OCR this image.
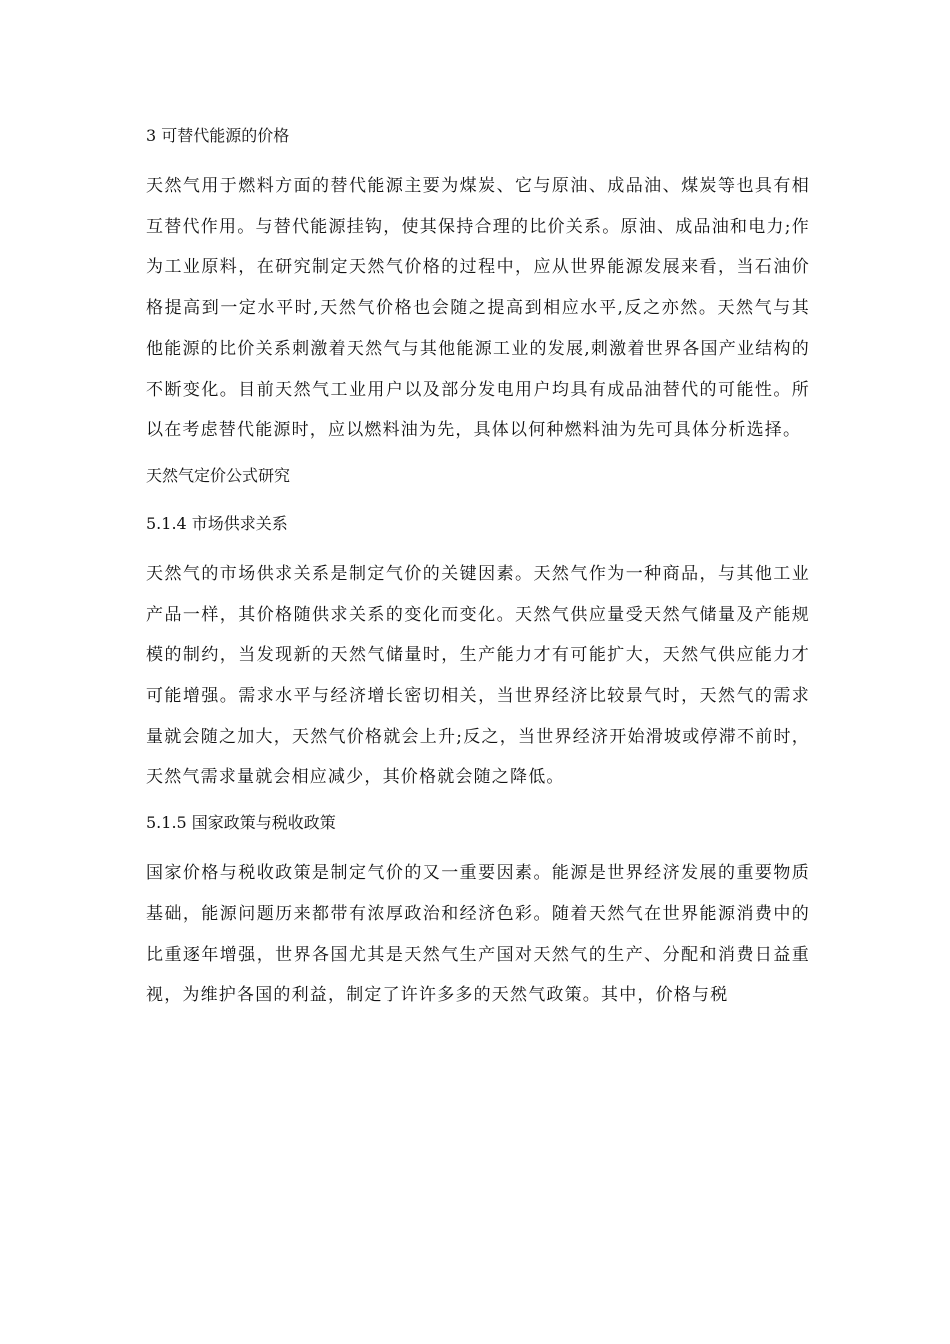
3 可替代能源的价格

天然气用于燃料方面的替代能源主要为煤炭、它与原油、成品油、煤炭等也具有相互替代作用。与替代能源挂钩，使其保持合理的比价关系。原油、成品油和电力;作为工业原料，在研究制定天然气价格的过程中，应从世界能源发展来看，当石油价格提高到一定水平时,天然气价格也会随之提高到相应水平,反之亦然。天然气与其他能源的比价关系刺激着天然气与其他能源工业的发展,刺激着世界各国产业结构的不断变化。目前天然气工业用户以及部分发电用户均具有成品油替代的可能性。所以在考虑替代能源时，应以燃料油为先，具体以何种燃料油为先可具体分析选择。

天然气定价公式研究
5.1.4 市场供求关系

天然气的市场供求关系是制定气价的关键因素。天然气作为一种商品，与其他工业产品一样，其价格随供求关系的变化而变化。天然气供应量受天然气储量及产能规模的制约，当发现新的天然气储量时，生产能力才有可能扩大，天然气供应能力才可能增强。需求水平与经济增长密切相关，当世界经济比较景气时，天然气的需求量就会随之加大，天然气价格就会上升;反之，当世界经济开始滑坡或停滞不前时，天然气需求量就会相应减少，其价格就会随之降低。

5.1.5 国家政策与税收政策

国家价格与税收政策是制定气价的又一重要因素。能源是世界经济发展的重要物质基础，能源问题历来都带有浓厚政治和经济色彩。随着天然气在世界能源消费中的比重逐年增强，世界各国尤其是天然气生产国对天然气的生产、分配和消费日益重视，为维护各国的利益，制定了许许多多的天然气政策。其中，价格与税
